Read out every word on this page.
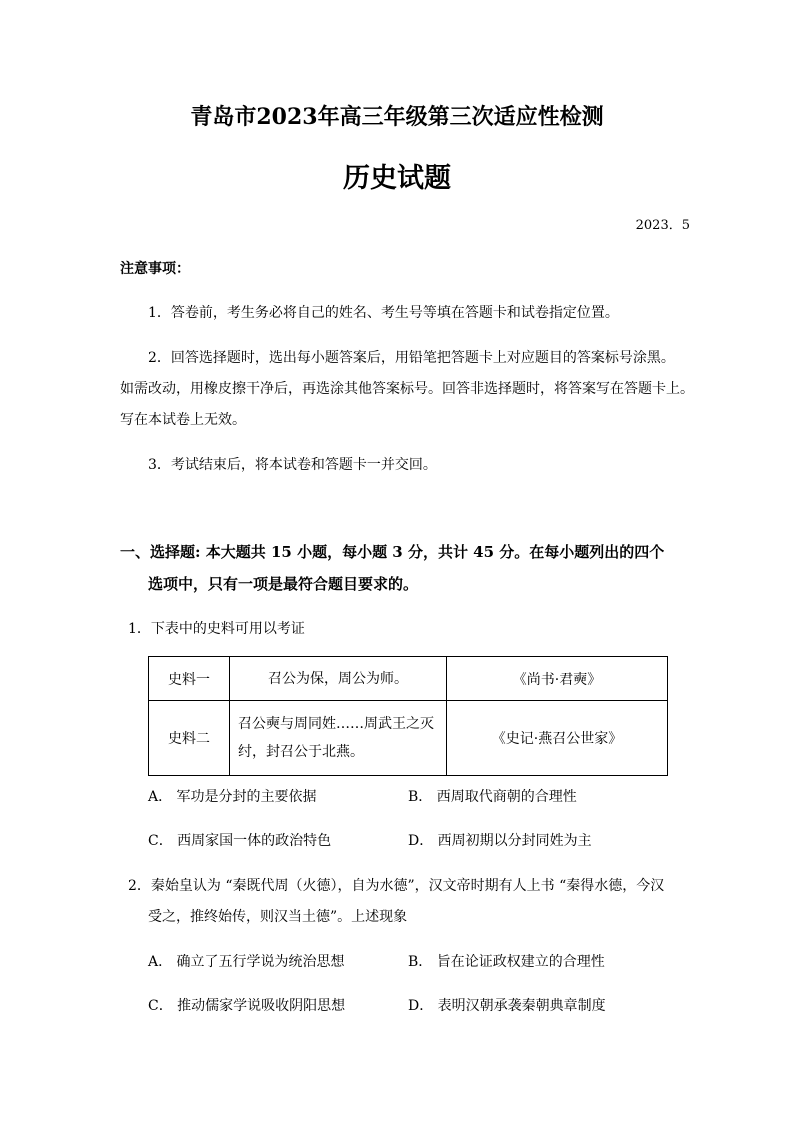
青岛市2023年高三年级第三次适应性检测
历史试题
2023．5
注意事项：
1．答卷前，考生务必将自己的姓名、考生号等填在答题卡和试卷指定位置。
2．回答选择题时，选出每小题答案后，用铅笔把答题卡上对应题目的答案标号涂黑。
如需改动，用橡皮擦干净后，再选涂其他答案标号。回答非选择题时，将答案写在答题卡上。
写在本试卷上无效。
3．考试结束后，将本试卷和答题卡一并交回。
一、选择题: 本大题共 15 小题，每小题 3 分，共计 45 分。在每小题列出的四个
选项中，只有一项是最符合题目要求的。
1．下表中的史料可用以考证
史料一	召公为保，周公为师。	《尚书·君奭》
史料二	召公奭与周同姓……周武王之灭纣，封召公于北燕。	《史记·燕召公世家》
A． 军功是分封的主要依据	B． 西周取代商朝的合理性
C． 西周家国一体的政治特色	D． 西周初期以分封同姓为主
2．秦始皇认为 “秦既代周（火德），自为水德”，汉文帝时期有人上书 “秦得水德，今汉
受之，推终始传，则汉当土德”。上述现象
A． 确立了五行学说为统治思想	B． 旨在论证政权建立的合理性
C． 推动儒家学说吸收阴阳思想	D． 表明汉朝承袭秦朝典章制度
